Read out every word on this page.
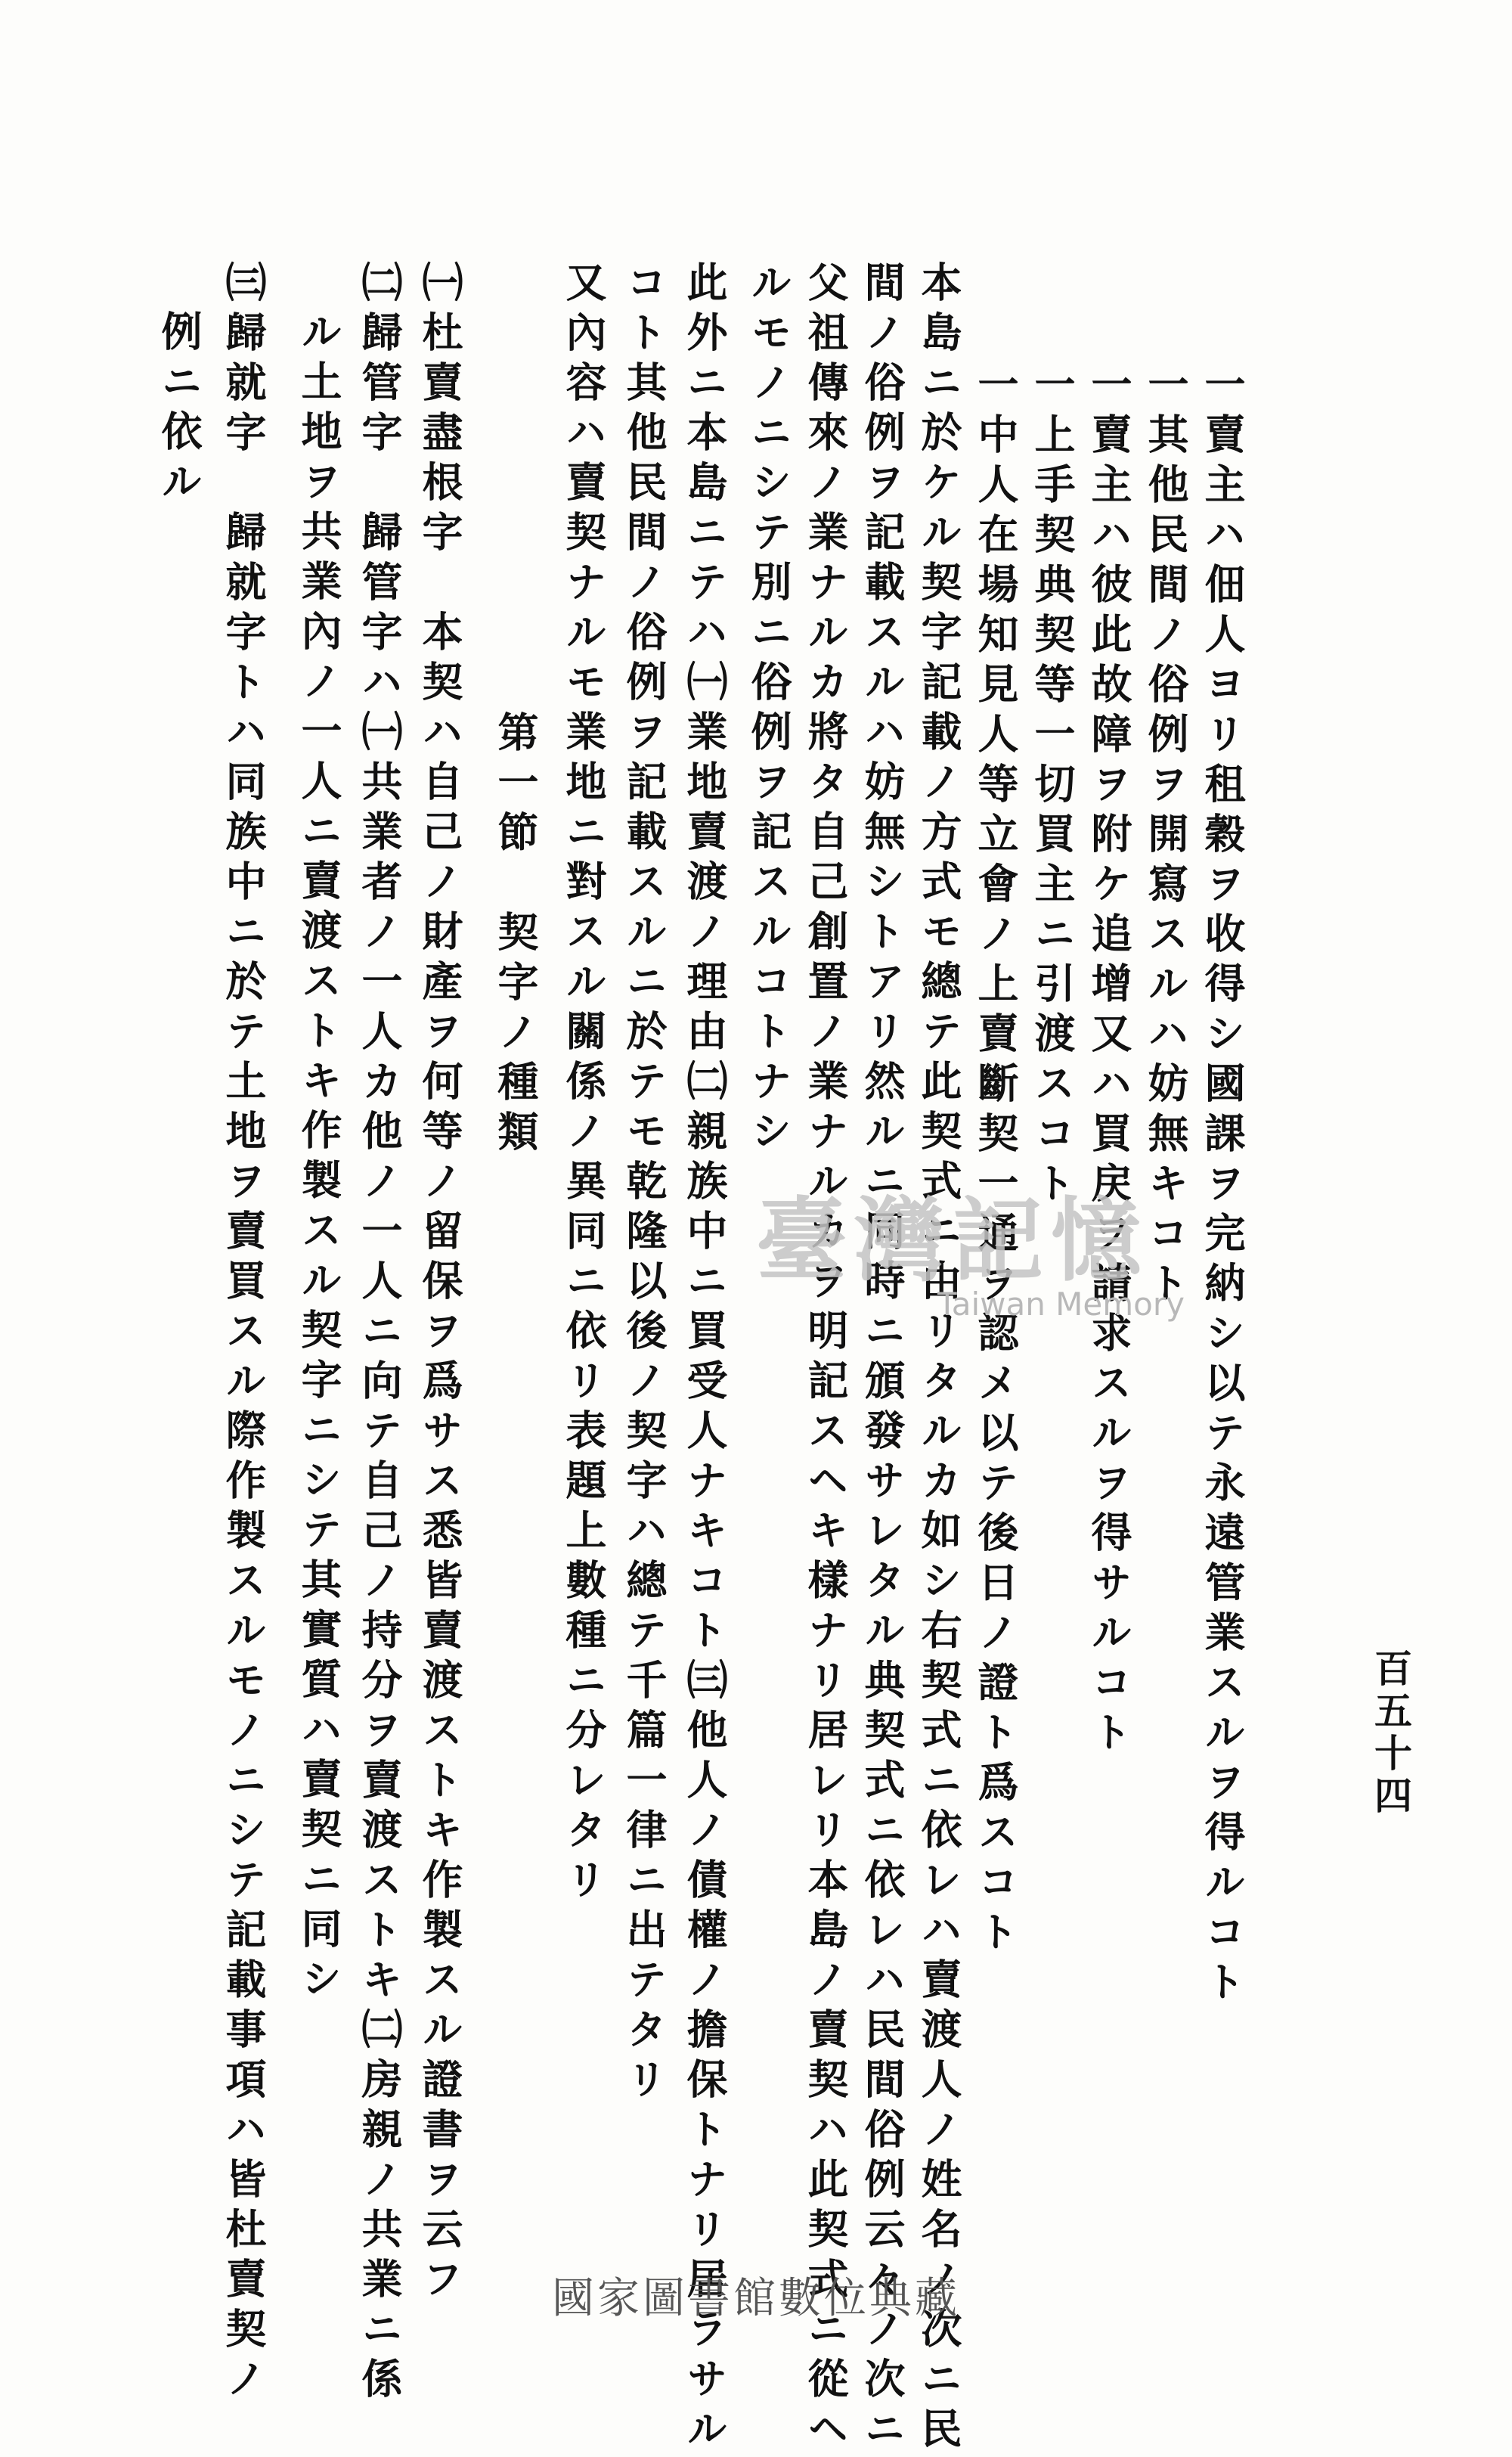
百五十四
一賣主ハ佃人ヨリ租穀ヲ收得シ國課ヲ完納シ以テ永遠管業スルヲ得ルコト
一其他民間ノ俗例ヲ開寫スルハ妨無キコト
一賣主ハ彼此故障ヲ附ケ追增又ハ買戻ヲ請求スルヲ得サルコト
一上手契典契等一切買主ニ引渡スコト
一中人在場知見人等立會ノ上賣斷契一通ヲ認メ以テ後日ノ證ト爲スコト
本島ニ於ケル契字記載ノ方式モ總テ此契式ニ由リタルカ如シ右契式ニ依レハ賣渡人ノ姓名ノ次ニ民
間ノ俗例ヲ記載スルハ妨無シトアリ然ルニ同時ニ頒發サレタル典契式ニ依レハ民間俗例云々ノ次ニ
父祖傳來ノ業ナルカ將タ自己創置ノ業ナルカヲ明記スヘキ樣ナリ居レリ本島ノ賣契ハ此契式ニ從ヘ
ルモノニシテ別ニ俗例ヲ記スルコトナシ
此外ニ本島ニテハ㈠業地賣渡ノ理由㈡親族中ニ買受人ナキコト㈢他人ノ債權ノ擔保トナリ居ラサル
コト其他民間ノ俗例ヲ記載スルニ於テモ乾隆以後ノ契字ハ總テ千篇一律ニ出テタリ
又內容ハ賣契ナルモ業地ニ對スル關係ノ異同ニ依リ表題上數種ニ分レタリ
第一節　契字ノ種類
㈠杜賣盡根字　本契ハ自己ノ財產ヲ何等ノ留保ヲ爲サス悉皆賣渡ストキ作製スル證書ヲ云フ
㈡歸管字　歸管字ハ㈠共業者ノ一人カ他ノ一人ニ向テ自己ノ持分ヲ賣渡ストキ㈡房親ノ共業ニ係
ル土地ヲ共業內ノ一人ニ賣渡ストキ作製スル契字ニシテ其實質ハ賣契ニ同シ
㈢歸就字　歸就字トハ同族中ニ於テ土地ヲ賣買スル際作製スルモノニシテ記載事項ハ皆杜賣契ノ
例ニ依ル
臺灣記憶
Taiwan Memory
國家圖書館數位典藏
